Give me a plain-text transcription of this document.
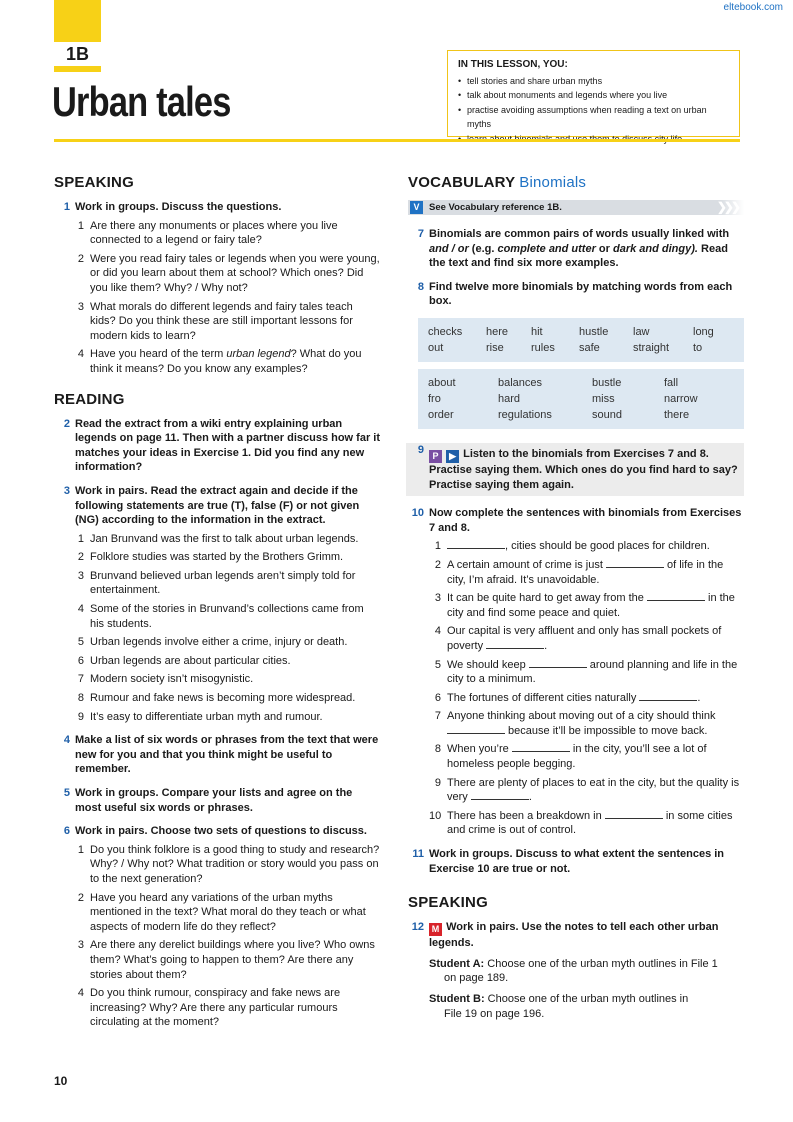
eltebook.com
1B
Urban tales
IN THIS LESSON, YOU:
• tell stories and share urban myths
• talk about monuments and legends where you live
• practise avoiding assumptions when reading a text on urban myths
•
SPEAKING
1 Work in groups. Discuss the questions.
1 Are there any monuments or places where you live connected to a legend or fairy tale?
2 Were you read fairy tales or legends when you were young, or did you learn about them at school? Which ones? Did you like them? Why? / Why not?
3 What morals do different legends and fairy tales teach kids? Do you think these are still important lessons for modern kids to learn?
4 Have you heard of the term urban legend? What do you think it means? Do you know any examples?
READING
2 Read the extract from a wiki entry explaining urban legends on page 11. Then with a partner discuss how far it matches your ideas in Exercise 1. Did you find any new information?
3 Work in pairs. Read the extract again and decide if the following statements are true (T), false (F) or not given (NG) according to the information in the extract.
1 Jan Brunvand was the first to talk about urban legends.
2 Folklore studies was started by the Brothers Grimm.
3 Brunvand believed urban legends aren’t simply told for entertainment.
4 Some of the stories in Brunvand’s collections came from his students.
5 Urban legends involve either a crime, injury or death.
6 Urban legends are about particular cities.
7 Modern society isn’t misogynistic.
8 Rumour and fake news is becoming more widespread.
9 It’s easy to differentiate urban myth and rumour.
4 Make a list of six words or phrases from the text that were new for you and that you think might be useful to remember.
5 Work in groups. Compare your lists and agree on the most useful six words or phrases.
6 Work in pairs. Choose two sets of questions to discuss.
1 Do you think folklore is a good thing to study and research? Why? / Why not? What tradition or story would you pass on to the next generation?
2 Have you heard any variations of the urban myths mentioned in the text? What moral do they teach or what aspects of modern life do they reflect?
3 Are there any derelict buildings where you live? Who owns them? What’s going to happen to them? Are there any stories about them?
4 Do you think rumour, conspiracy and fake news are increasing? Why? Are there any particular rumours circulating at the moment?
VOCABULARY Binomials
V	See Vocabulary reference 1B.	❯❯❯
7 Binomials are common pairs of words usually linked with and / or (e.g. complete and utter or dark and dingy). Read the text and find six more examples.
8 Find twelve more binomials by matching words from each box.
checks	here	hit	hustle	law	long
out	rise	rules	safe	straight	to
about	balances	bustle	fall
fro	hard	miss	narrow
order	regulations	sound	there
9 P ▶ Listen to the binomials from Exercises 7 and 8. Practise saying them. Which ones do you find hard to say? Practise saying them again.
10 Now complete the sentences with binomials from Exercises 7 and 8.
1	, cities should be good places for children.
2 A certain amount of crime is just	of life in the city, I’m afraid. It’s unavoidable.
3 It can be quite hard to get away from the	in the city and find some peace and quiet.
4 Our capital is very affluent and only has small pockets of poverty	.
5 We should keep	around planning and life in the city to a minimum.
6 The fortunes of different cities naturally	.
7 Anyone thinking about moving out of a city should think  because it’ll be impossible to move back.
8 When you’re	in the city, you’ll see a lot of homeless people begging.
9 There are plenty of places to eat in the city, but the quality is very	.
10 There has been a breakdown in	in some cities and crime is out of control.
11 Work in groups. Discuss to what extent the sentences in Exercise 10 are true or not.
SPEAKING
12 M Work in pairs. Use the notes to tell each other urban legends.
Student A: Choose one of the urban myth outlines in File 1
on page 189.
Student B: Choose one of the urban myth outlines in
File 19 on page 196.
10
